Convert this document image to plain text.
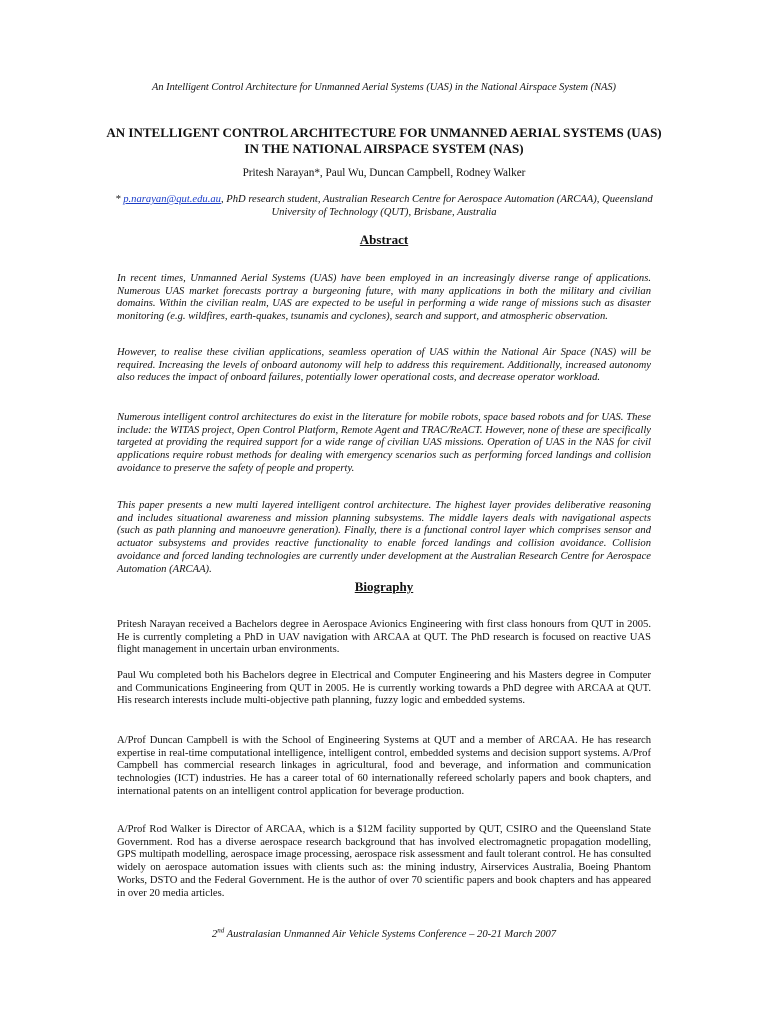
An Intelligent Control Architecture for Unmanned Aerial Systems (UAS) in the National Airspace System (NAS)
AN INTELLIGENT CONTROL ARCHITECTURE FOR UNMANNED AERIAL SYSTEMS (UAS) IN THE NATIONAL AIRSPACE SYSTEM (NAS)
Pritesh Narayan*, Paul Wu, Duncan Campbell, Rodney Walker
* p.narayan@qut.edu.au, PhD research student, Australian Research Centre for Aerospace Automation (ARCAA), Queensland University of Technology (QUT), Brisbane, Australia
Abstract

In recent times, Unmanned Aerial Systems (UAS) have been employed in an increasingly diverse range of applications. Numerous UAS market forecasts portray a burgeoning future, with many applications in both the military and civilian domains. Within the civilian realm, UAS are expected to be useful in performing a wide range of missions such as disaster monitoring (e.g. wildfires, earth-quakes, tsunamis and cyclones), search and support, and atmospheric observation.

However, to realise these civilian applications, seamless operation of UAS within the National Air Space (NAS) will be required. Increasing the levels of onboard autonomy will help to address this requirement. Additionally, increased autonomy also reduces the impact of onboard failures, potentially lower operational costs, and decrease operator workload.

Numerous intelligent control architectures do exist in the literature for mobile robots, space based robots and for UAS. These include: the WITAS project, Open Control Platform, Remote Agent and TRAC/ReACT. However, none of these are specifically targeted at providing the required support for a wide range of civilian UAS missions. Operation of UAS in the NAS for civil applications require robust methods for dealing with emergency scenarios such as performing forced landings and collision avoidance to preserve the safety of people and property.

This paper presents a new multi layered intelligent control architecture. The highest layer provides deliberative reasoning and includes situational awareness and mission planning subsystems. The middle layers deals with navigational aspects (such as path planning and manoeuvre generation). Finally, there is a functional control layer which comprises sensor and actuator subsystems and provides reactive functionality to enable forced landings and collision avoidance. Collision avoidance and forced landing technologies are currently under development at the Australian Research Centre for Aerospace Automation (ARCAA).

Biography

Pritesh Narayan received a Bachelors degree in Aerospace Avionics Engineering with first class honours from QUT in 2005. He is currently completing a PhD in UAV navigation with ARCAA at QUT. The PhD research is focused on reactive UAS flight management in uncertain urban environments.

Paul Wu completed both his Bachelors degree in Electrical and Computer Engineering and his Masters degree in Computer and Communications Engineering from QUT in 2005. He is currently working towards a PhD degree with ARCAA at QUT. His research interests include multi-objective path planning, fuzzy logic and embedded systems.

A/Prof Duncan Campbell is with the School of Engineering Systems at QUT and a member of ARCAA. He has research expertise in real-time computational intelligence, intelligent control, embedded systems and decision support systems. A/Prof Campbell has commercial research linkages in agricultural, food and beverage, and information and communication technologies (ICT) industries. He has a career total of 60 internationally refereed scholarly papers and book chapters, and international patents on an intelligent control application for beverage production.

A/Prof Rod Walker is Director of ARCAA, which is a $12M facility supported by QUT, CSIRO and the Queensland State Government. Rod has a diverse aerospace research background that has involved electromagnetic propagation modelling, GPS multipath modelling, aerospace image processing, aerospace risk assessment and fault tolerant control. He has consulted widely on aerospace automation issues with clients such as: the mining industry, Airservices Australia, Boeing Phantom Works, DSTO and the Federal Government. He is the author of over 70 scientific papers and book chapters and has appeared in over 20 media articles.

2nd Australasian Unmanned Air Vehicle Systems Conference – 20-21 March 2007
